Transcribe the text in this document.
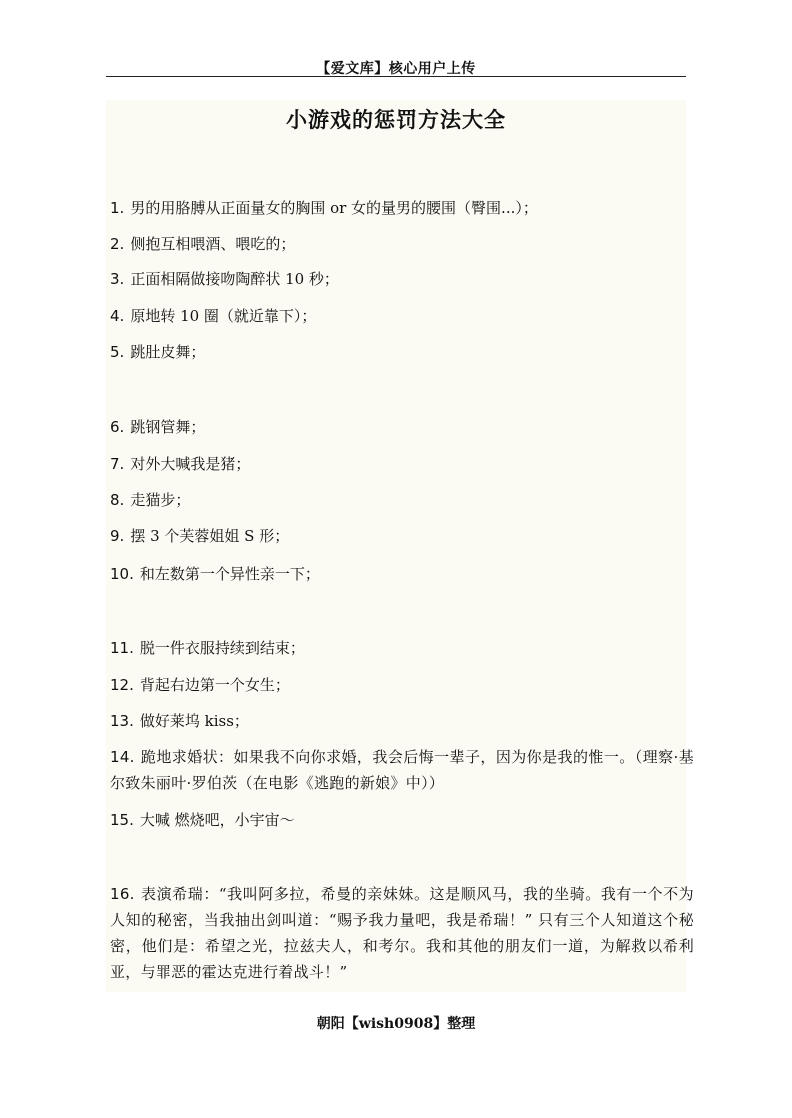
【爱文库】核心用户上传
小游戏的惩罚方法大全
1. 男的用胳膊从正面量女的胸围 or 女的量男的腰围（臀围...）；
2. 侧抱互相喂酒、喂吃的；
3. 正面相隔做接吻陶醉状 10 秒；
4. 原地转 10 圈（就近靠下）；
5. 跳肚皮舞；
6. 跳钢管舞；
7. 对外大喊我是猪；
8. 走猫步；
9. 摆 3 个芙蓉姐姐 S 形；
10. 和左数第一个异性亲一下；
11. 脱一件衣服持续到结束；
12. 背起右边第一个女生；
13. 做好莱坞 kiss；
14. 跪地求婚状：如果我不向你求婚，我会后悔一辈子，因为你是我的惟一。（理察·基尔致朱丽叶·罗伯茨（在电影《逃跑的新娘》中））
15. 大喊 燃烧吧，小宇宙～
16. 表演希瑞：“我叫阿多拉，希曼的亲妹妹。这是顺风马，我的坐骑。我有一个不为人知的秘密，当我抽出剑叫道：“赐予我力量吧，我是希瑞！” 只有三个人知道这个秘密，他们是：希望之光，拉兹夫人，和考尔。我和其他的朋友们一道，为解救以希利亚，与罪恶的霍达克进行着战斗！”
朝阳【wish0908】整理
